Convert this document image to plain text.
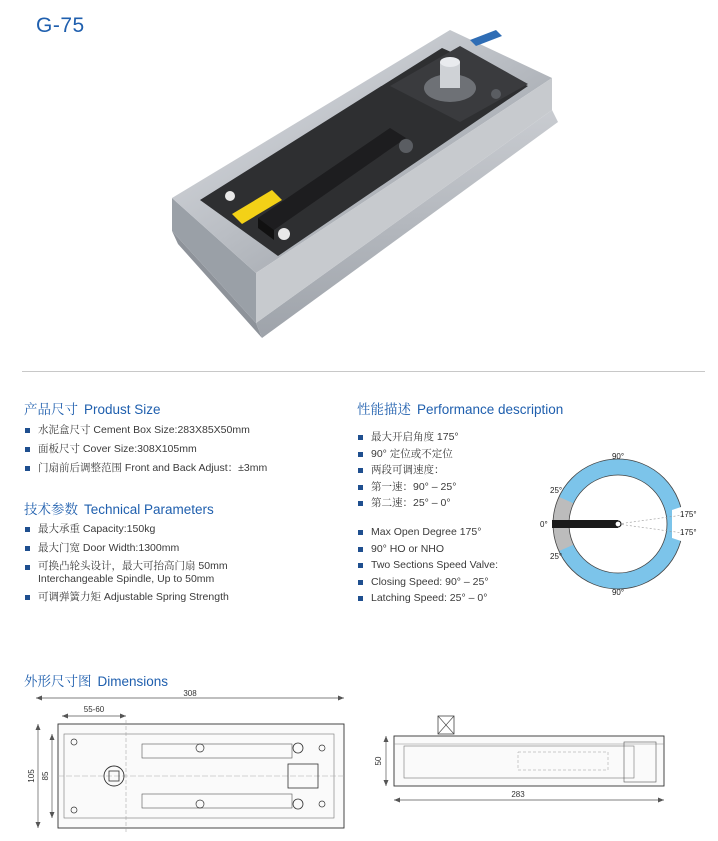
G-75
产品尺寸 Produst Size
水泥盒尺寸 Cement Box Size:283X85X50mm
面板尺寸 Cover Size:308X105mm
门扇前后调整范围 Front and Back Adjust：±3mm
技术参数 Technical Parameters
最大承重 Capacity:150kg
最大门宽 Door Width:1300mm
可换凸轮头设计，最大可抬高门扇 50mm
Interchangeable Spindle, Up to 50mm
可调弹簧力矩 Adjustable Spring Strength
性能描述 Performance description
最大开启角度 175°
90° 定位或不定位
两段可调速度：
第一速：90° – 25°
第二速：25° – 0°
Max Open Degree 175°
90° HO or NHO
Two Sections Speed Valve:
Closing Speed: 90° – 25°
Latching Speed: 25° – 0°
90°
90°
0°
25°
25°
175°
175°
外形尺寸图 Dimensions
308
55-60
105 85
50
283
